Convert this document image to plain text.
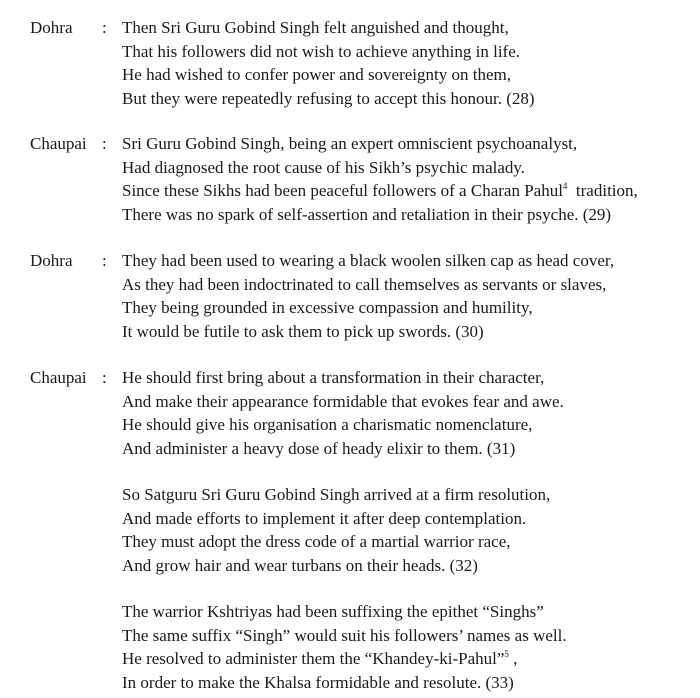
Dohra : Then Sri Guru Gobind Singh felt anguished and thought,
That his followers did not wish to achieve anything in life.
He had wished to confer power and sovereignty on them,
But they were repeatedly refusing to accept this honour. (28)
Chaupai : Sri Guru Gobind Singh, being an expert omniscient psychoanalyst,
Had diagnosed the root cause of his Sikh’s psychic malady.
Since these Sikhs had been peaceful followers of a Charan Pahul$^4$  tradition,
There was no spark of self-assertion and retaliation in their psyche. (29)
Dohra : They had been used to wearing a black woolen silken cap as head cover,
As they had been indoctrinated to call themselves as servants or slaves,
They being grounded in excessive compassion and humility,
It would be futile to ask them to pick up swords. (30)
Chaupai : He should first bring about a transformation in their character,
And make their appearance formidable that evokes fear and awe.
He should give his organisation a charismatic nomenclature,
And administer a heavy dose of heady elixir to them. (31)
So Satguru Sri Guru Gobind Singh arrived at a firm resolution,
And made efforts to implement it after deep contemplation.
They must adopt the dress code of a martial warrior race,
And grow hair and wear turbans on their heads. (32)
The warrior Kshtriyas had been suffixing the epithet “Singhs”
The same suffix “Singh” would suit his followers’ names as well.
He resolved to administer them the “Khandey-ki-Pahul”$^5$ ,
In order to make the Khalsa formidable and resolute. (33)
